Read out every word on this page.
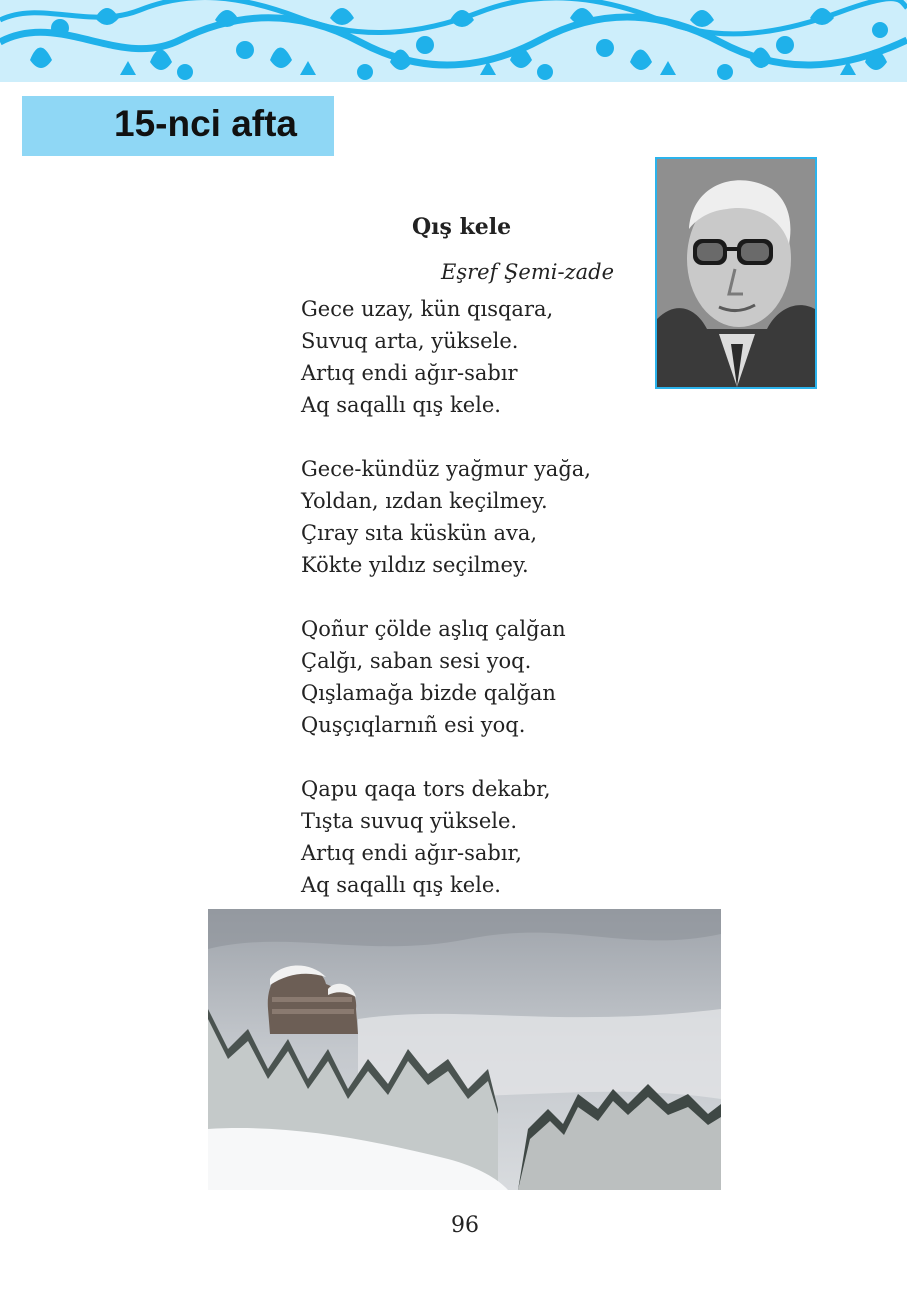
15-nci afta
Qış kele
Eşref Şemi-zade

Gece uzay, kün qısqara,
Suvuq arta, yüksele.
Artıq endi ağır-sabır
Aq saqallı qış kele.

Gece-kündüz yağmur yağa,
Yoldan, ızdan keçilmey.
Çıray sıta küskün ava,
Kökte yıldız seçilmey.

Qoñur çölde aşlıq çalğan
Çalğı, saban sesi yoq.
Qışlamağa bizde qalğan
Quşçıqlarnıñ esi yoq.

Qapu qaqa tors dekabr,
Tışta suvuq yüksele.
Artıq endi ağır-sabır,
Aq saqallı qış kele.

96
